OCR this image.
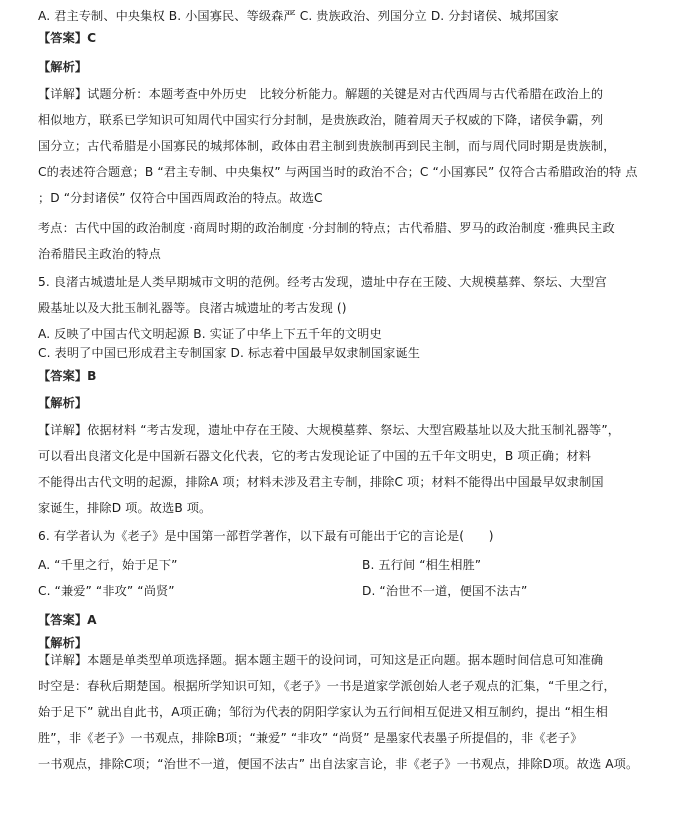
A. 君主专制、中央集权 B. 小国寡民、等级森严 C. 贵族政治、列国分立 D. 分封诸侯、城邦国家
【答案】C
【解析】
【详解】试题分析：本题考查中外历史　比较分析能力。解题的关键是对古代西周与古代希腊在政治上的
相似地方，联系已学知识可知周代中国实行分封制，是贵族政治，随着周天子权威的下降，诸侯争霸，列
国分立；古代希腊是小国寡民的城邦体制，政体由君主制到贵族制再到民主制，而与周代同时期是贵族制，
C的表述符合题意；B “君主专制、中央集权” 与两国当时的政治不合；C “小国寡民” 仅符合古希腊政治的特 点
；D “分封诸侯” 仅符合中国西周政治的特点。故选C
考点：古代中国的政治制度 ·商周时期的政治制度 ·分封制的特点；古代希腊、罗马的政治制度 ·雅典民主政
治希腊民主政治的特点
5. 良渚古城遗址是人类早期城市文明的范例。经考古发现，遗址中存在王陵、大规模墓葬、祭坛、大型宫
殿基址以及大批玉制礼器等。良渚古城遗址的考古发现 ()
A. 反映了中国古代文明起源 B. 实证了中华上下五千年的文明史
C. 表明了中国已形成君主专制国家 D. 标志着中国最早奴隶制国家诞生
【答案】B
【解析】
【详解】依据材料 “考古发现，遗址中存在王陵、大规模墓葬、祭坛、大型宫殿基址以及大批玉制礼器等”，
可以看出良渚文化是中国新石器文化代表，它的考古发现论证了中国的五千年文明史，B 项正确；材料
不能得出古代文明的起源，排除A 项；材料未涉及君主专制，排除C 项；材料不能得出中国最早奴隶制国
家诞生，排除D 项。故选B 项。
6. 有学者认为《老子》是中国第一部哲学著作，以下最有可能出于它的言论是(　　)
A. “千里之行，始于足下”	B. 五行间 “相生相胜”
C. “兼爱” “非攻” “尚贤”	D. “治世不一道，便国不法古”
【答案】A
【解析】
【详解】本题是单类型单项选择题。据本题主题干的设问词，可知这是正向题。据本题时间信息可知准确
时空是：春秋后期楚国。根据所学知识可知，《老子》一书是道家学派创始人老子观点的汇集，“千里之行，
始于足下” 就出自此书，A项正确；邹衍为代表的阴阳学家认为五行间相互促进又相互制约，提出 “相生相
胜”，非《老子》一书观点，排除B项；“兼爱” “非攻” “尚贤” 是墨家代表墨子所提倡的，非《老子》
一书观点，排除C项；“治世不一道，便国不法古” 出自法家言论，非《老子》一书观点，排除D项。故选 A项。
